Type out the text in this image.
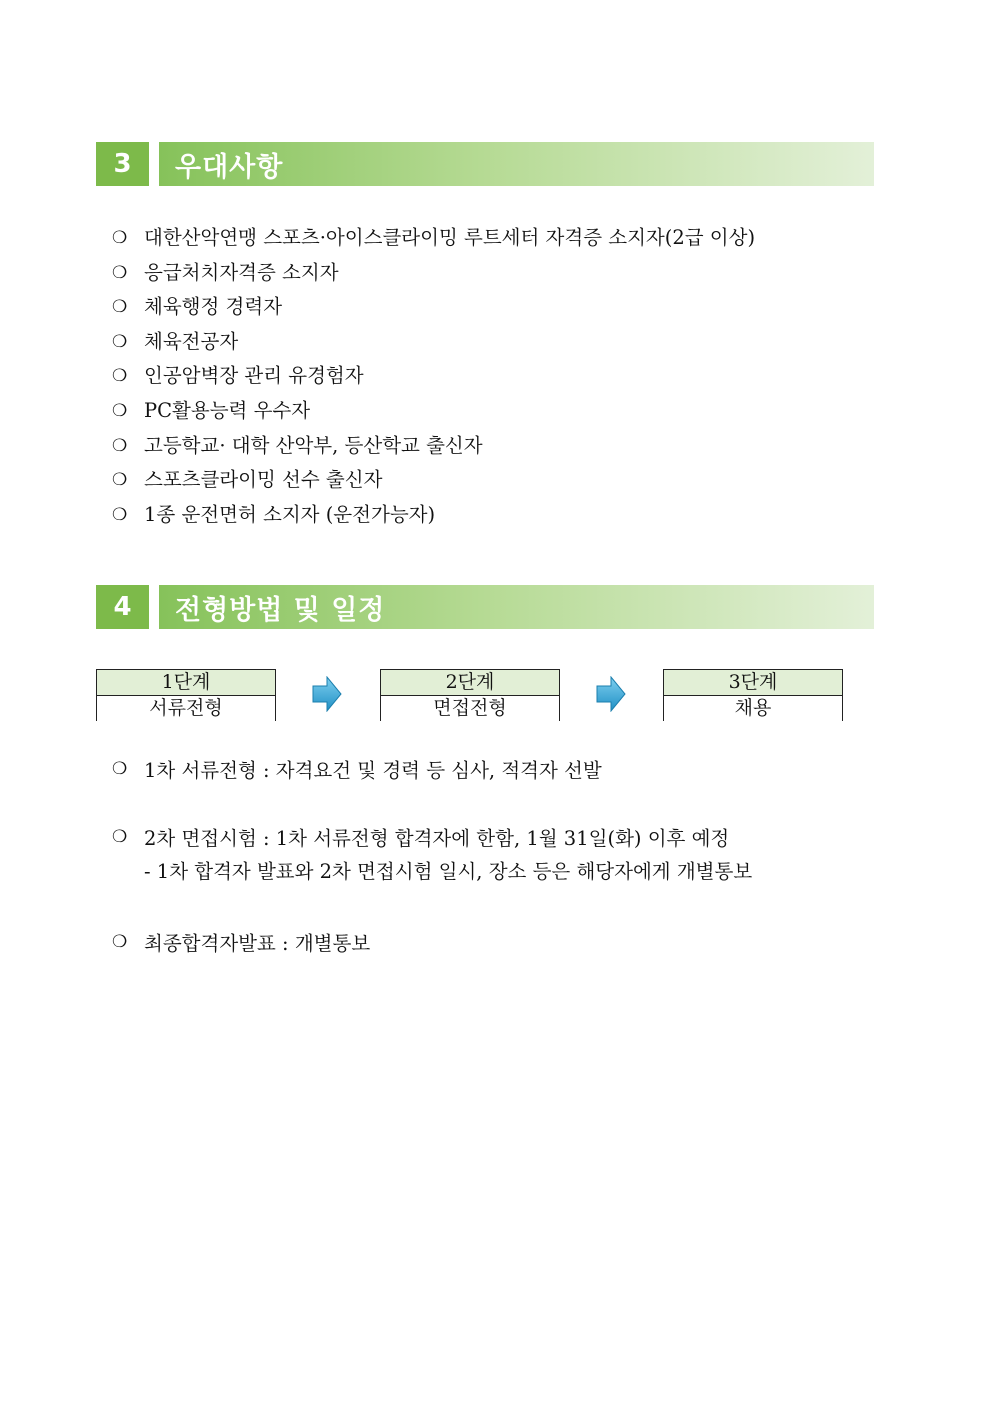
3	우대사항
❍ 대한산악연맹 스포츠·아이스클라이밍 루트세터 자격증 소지자(2급 이상)
❍ 응급처치자격증 소지자
❍ 체육행정 경력자
❍ 체육전공자
❍ 인공암벽장 관리 유경험자
❍ PC활용능력 우수자
❍ 고등학교· 대학 산악부, 등산학교 출신자
❍ 스포츠클라이밍 선수 출신자
❍ 1종 운전면허 소지자 (운전가능자)
4	전형방법 및 일정
1단계
서류전형
2단계
면접전형
3단계
채용
❍ 1차 서류전형 : 자격요건 및 경력 등 심사, 적격자 선발
❍ 2차 면접시험 : 1차 서류전형 합격자에 한함, 1월 31일(화) 이후 예정
- 1차 합격자 발표와 2차 면접시험 일시, 장소 등은 해당자에게 개별통보
❍ 최종합격자발표 : 개별통보
